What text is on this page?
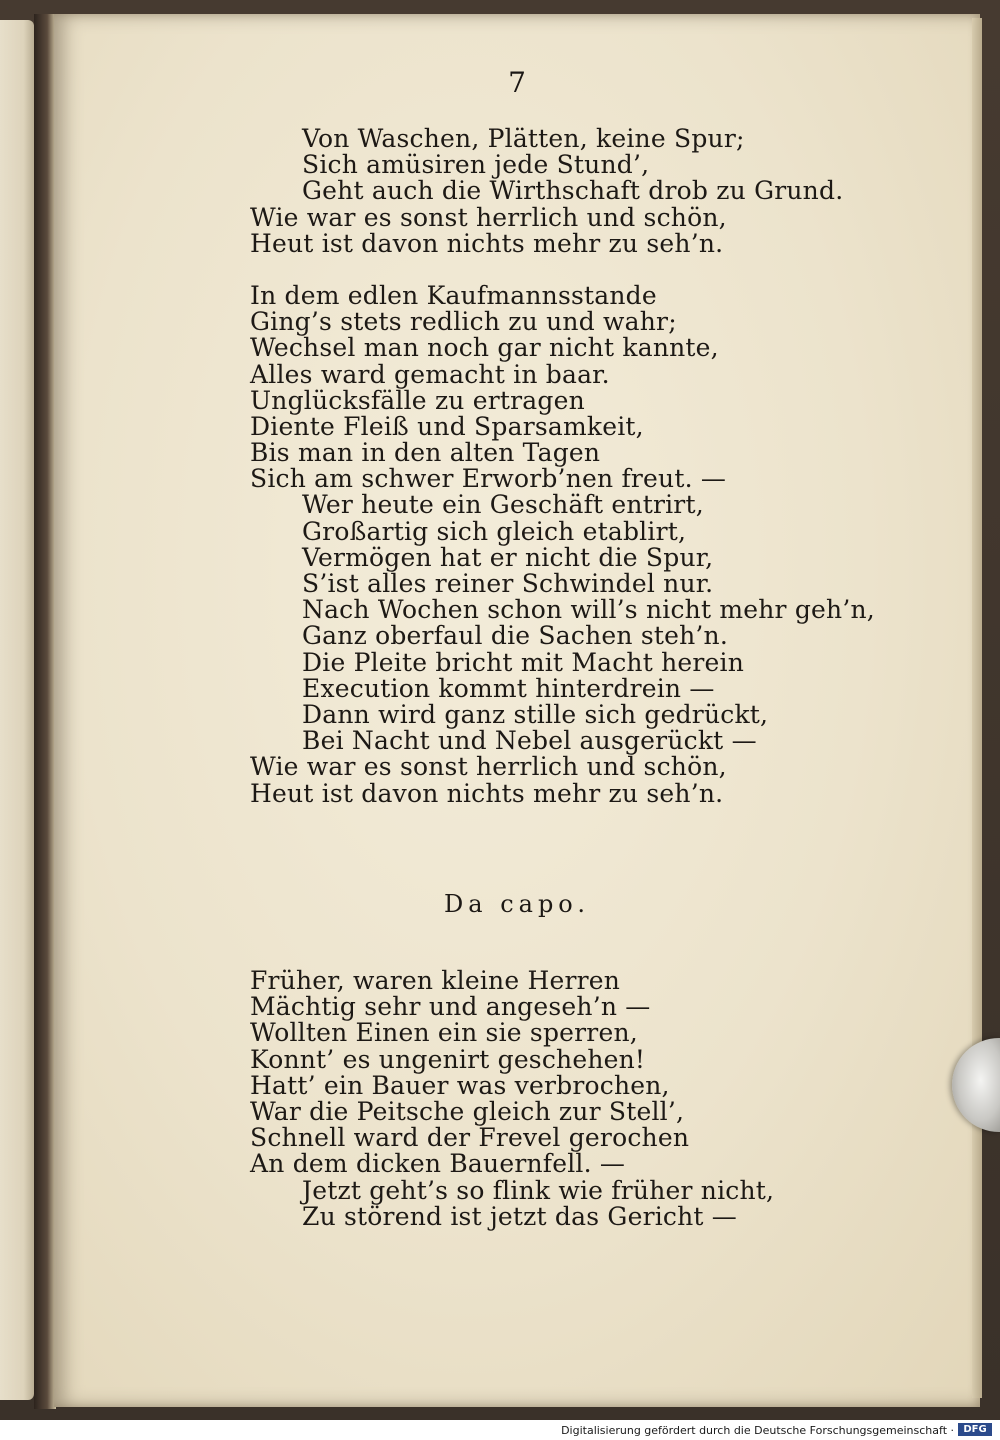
7
Von Waschen, Plätten, keine Spur;
Sich amüsiren jede Stund’,
Geht auch die Wirthschaft drob zu Grund.
Wie war es sonst herrlich und schön,
Heut ist davon nichts mehr zu seh’n.
In dem edlen Kaufmannsstande
Ging’s stets redlich zu und wahr;
Wechsel man noch gar nicht kannte,
Alles ward gemacht in baar.
Unglücksfälle zu ertragen
Diente Fleiß und Sparsamkeit,
Bis man in den alten Tagen
Sich am schwer Erworb’nen freut. —
Wer heute ein Geschäft entrirt,
Großartig sich gleich etablirt,
Vermögen hat er nicht die Spur,
S’ist alles reiner Schwindel nur.
Nach Wochen schon will’s nicht mehr geh’n,
Ganz oberfaul die Sachen steh’n.
Die Pleite bricht mit Macht herein
Execution kommt hinterdrein —
Dann wird ganz stille sich gedrückt,
Bei Nacht und Nebel ausgerückt —
Wie war es sonst herrlich und schön,
Heut ist davon nichts mehr zu seh’n.
Da capo.
Früher, waren kleine Herren
Mächtig sehr und angeseh’n —
Wollten Einen ein sie sperren,
Konnt’ es ungenirt geschehen!
Hatt’ ein Bauer was verbrochen,
War die Peitsche gleich zur Stell’,
Schnell ward der Frevel gerochen
An dem dicken Bauernfell. —
Jetzt geht’s so flink wie früher nicht,
Zu störend ist jetzt das Gericht —
Digitalisierung gefördert durch die Deutsche Forschungsgemeinschaft · DFG
